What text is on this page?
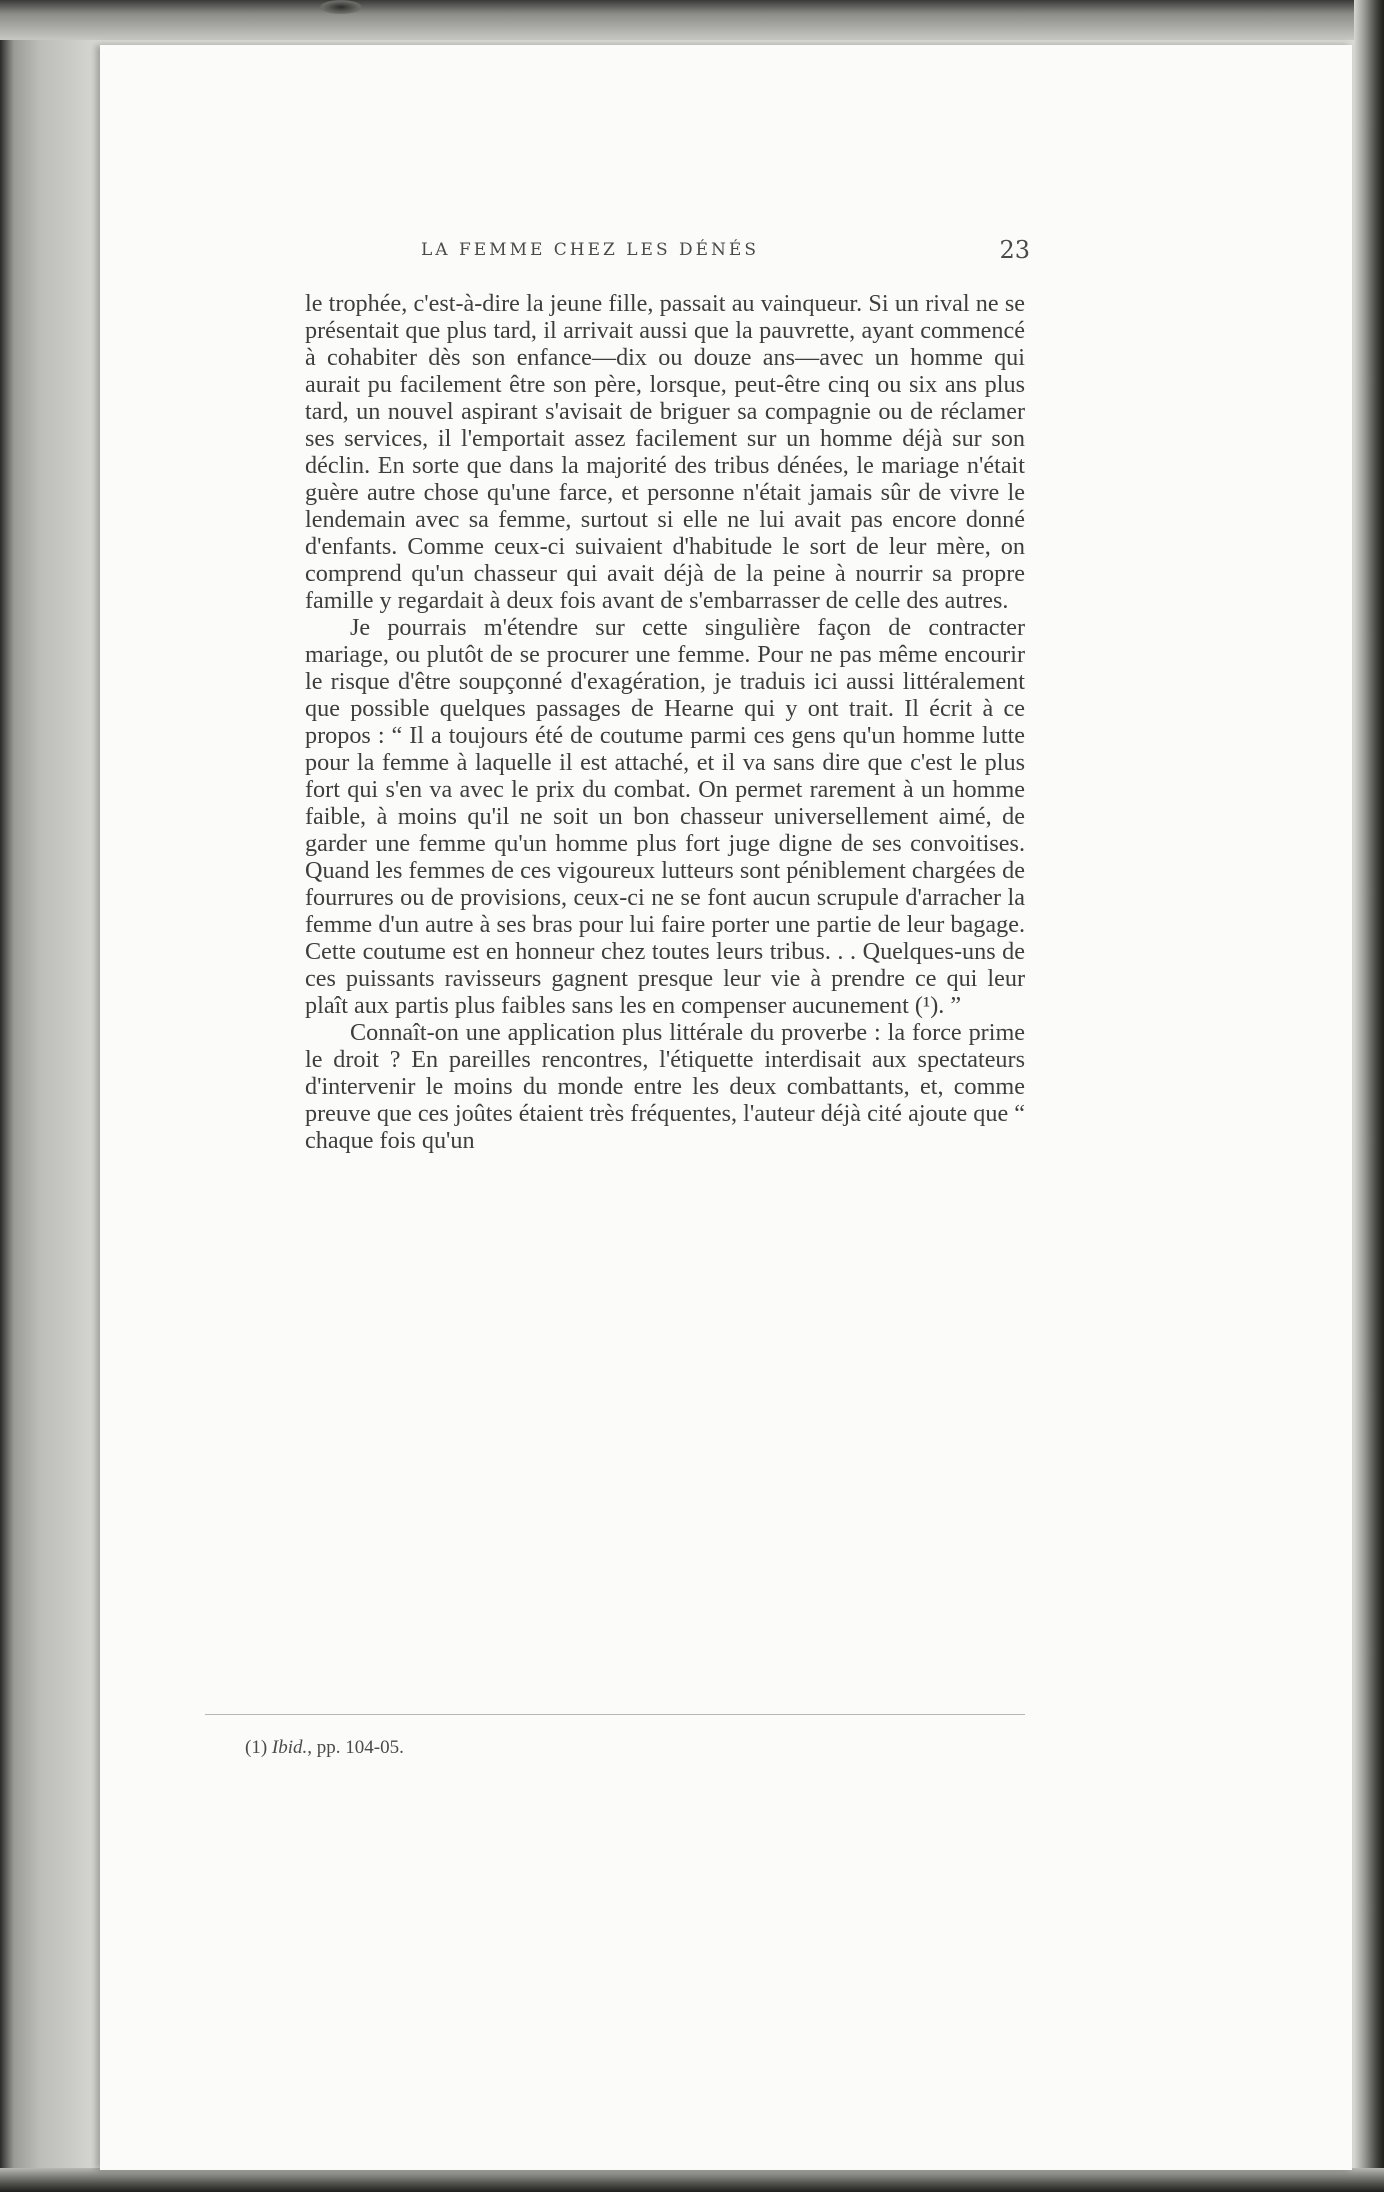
LA FEMME CHEZ LES DÉNÉS	23

le trophée, c'est-à-dire la jeune fille, passait au vainqueur. Si un rival ne se présentait que plus tard, il arrivait aussi que la pauvrette, ayant commencé à cohabiter dès son enfance—dix ou douze ans—avec un homme qui aurait pu facilement être son père, lorsque, peut-être cinq ou six ans plus tard, un nouvel aspirant s'avisait de briguer sa compagnie ou de réclamer ses services, il l'emportait assez facilement sur un homme déjà sur son déclin. En sorte que dans la majorité des tribus dénées, le mariage n'était guère autre chose qu'une farce, et personne n'était jamais sûr de vivre le lendemain avec sa femme, surtout si elle ne lui avait pas encore donné d'enfants. Comme ceux-ci suivaient d'habitude le sort de leur mère, on comprend qu'un chasseur qui avait déjà de la peine à nourrir sa propre famille y regardait à deux fois avant de s'embarrasser de celle des autres.

Je pourrais m'étendre sur cette singulière façon de contracter mariage, ou plutôt de se procurer une femme. Pour ne pas même encourir le risque d'être soupçonné d'exagération, je traduis ici aussi littéralement que possible quelques passages de Hearne qui y ont trait. Il écrit à ce propos : “ Il a toujours été de coutume parmi ces gens qu'un homme lutte pour la femme à laquelle il est attaché, et il va sans dire que c'est le plus fort qui s'en va avec le prix du combat. On permet rarement à un homme faible, à moins qu'il ne soit un bon chasseur universellement aimé, de garder une femme qu'un homme plus fort juge digne de ses convoitises. Quand les femmes de ces vigoureux lutteurs sont péniblement chargées de fourrures ou de provisions, ceux-ci ne se font aucun scrupule d'arracher la femme d'un autre à ses bras pour lui faire porter une partie de leur bagage. Cette coutume est en honneur chez toutes leurs tribus. . . Quelques-uns de ces puissants ravisseurs gagnent presque leur vie à prendre ce qui leur plaît aux partis plus faibles sans les en compenser aucunement (¹). ”

Connaît-on une application plus littérale du proverbe : la force prime le droit ? En pareilles rencontres, l'étiquette interdisait aux spectateurs d'intervenir le moins du monde entre les deux combattants, et, comme preuve que ces joûtes étaient très fréquentes, l'auteur déjà cité ajoute que “ chaque fois qu'un

(1) Ibid., pp. 104-05.
